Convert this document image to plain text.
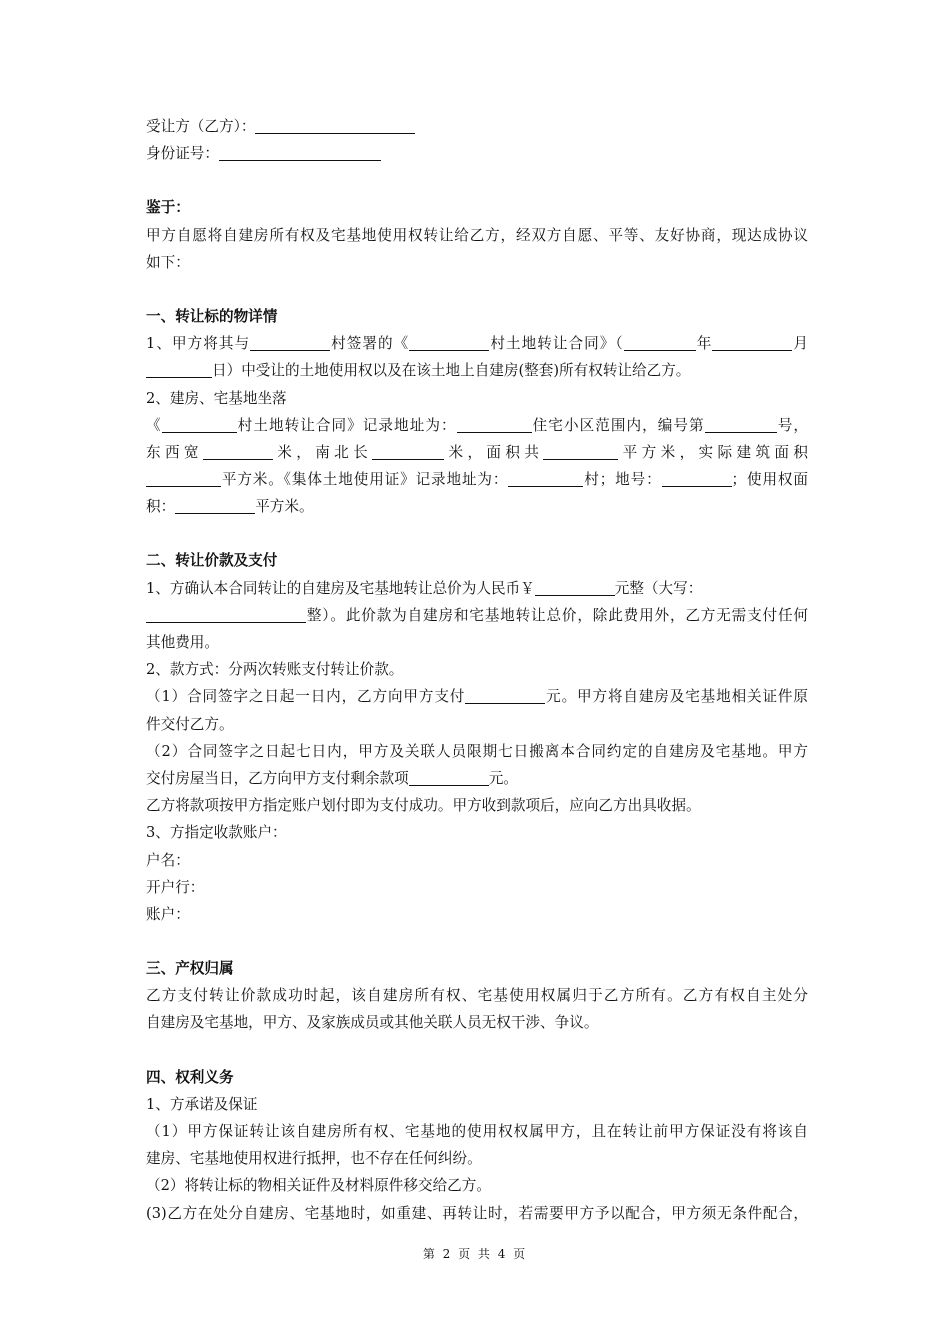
受让方（乙方）：
身份证号：
鉴于：
甲方自愿将自建房所有权及宅基地使用权转让给乙方，经双方自愿、平等、友好协商，现达成协议
如下：
一、转让标的物详情
1、甲方将其与	村签署的《	村土地转让合同》（	年	月
日）中受让的土地使用权以及在该土地上自建房(整套)所有权转让给乙方。
2、建房、宅基地坐落
《	村土地转让合同》记录地址为：	住宅小区范围内，编号第	号，
东西宽	米，南北长	米，面积共	平方米，实际建筑面积
平方米。《集体土地使用证》记录地址为：	村；地号：	；使用权面
积：	平方米。
二、转让价款及支付
1、方确认本合同转让的自建房及宅基地转让总价为人民币￥	元整（大写：
整）。此价款为自建房和宅基地转让总价，除此费用外，乙方无需支付任何
其他费用。
2、款方式：分两次转账支付转让价款。
（1）合同签字之日起一日内，乙方向甲方支付	元。甲方将自建房及宅基地相关证件原
件交付乙方。
（2）合同签字之日起七日内，甲方及关联人员限期七日搬离本合同约定的自建房及宅基地。甲方
交付房屋当日，乙方向甲方支付剩余款项	元。
乙方将款项按甲方指定账户划付即为支付成功。甲方收到款项后，应向乙方出具收据。
3、方指定收款账户：
户名：
开户行：
账户：
三、产权归属
乙方支付转让价款成功时起，该自建房所有权、宅基使用权属归于乙方所有。乙方有权自主处分
自建房及宅基地，甲方、及家族成员或其他关联人员无权干涉、争议。
四、权利义务
1、方承诺及保证
（1）甲方保证转让该自建房所有权、宅基地的使用权权属甲方，且在转让前甲方保证没有将该自
建房、宅基地使用权进行抵押，也不存在任何纠纷。
（2）将转让标的物相关证件及材料原件移交给乙方。
(3)乙方在处分自建房、宅基地时，如重建、再转让时，若需要甲方予以配合，甲方须无条件配合，
第 2 页 共 4 页
